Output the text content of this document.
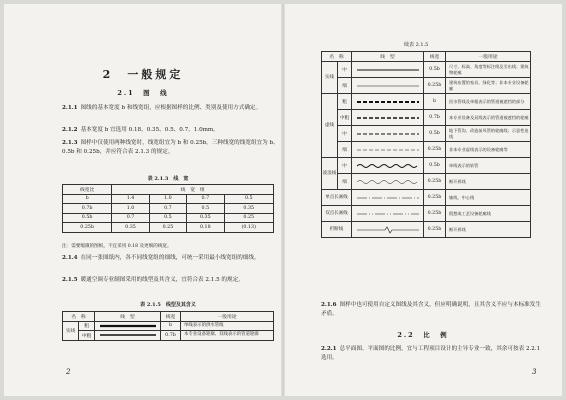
2　一般规定
2.1　图　线
2.1.1 图线的基本宽度 b 和线宽组，应根据图样的比例、类别及使用方式确定。
2.1.2 基本宽度 b 宜选用 0.18、0.35、0.5、0.7、1.0mm。
2.1.3 图样中仅使用两种线宽时，线宽组宜为 b 和 0.25b。三种线宽的线宽组宜为 b、0.5b 和 0.25b，并应符合表 2.1.3 的规定。
表 2.1.3　线　宽
线宽比	线　宽　组			
b	1.4	1.0	0.7	0.5
0.7b	1.0	0.7	0.5	0.35
0.5b	0.7	0.5	0.35	0.25
0.25b	0.35	0.25	0.18	(0.13)
注：需要缩微的图纸，不宜采用 0.18 及更细的线宽。
2.1.4 在同一张图纸内，各不同线宽组的细线，可统一采用最小线宽组的细线。
2.1.5 暖通空调专业制图采用的线型及其含义，宜符合表 2.1.5 的规定。
表 2.1.5　线型及其含义
名　称		线　型	线宽	一般用途
实线	粗		b	单线表示的供水管线
	中粗		0.7b	本专业设备轮廓、双线表示的管道轮廓
2
续表 2.1.5
名　称		线　型	线宽	一般用途
实线	中		0.5b	尺寸、标高、角度等标注线及引出线；建筑物轮廓
	细		0.25b	建筑布置的家具、绿化等；非本专业设备轮廓
虚线	粗		b	回水管线及单根表示的管道被遮挡的部分
	中粗		0.7b	本专业设备及双线表示的管道被遮挡的轮廓
	中		0.5b	地下管沟、改造前风管的轮廓线；示意性连线
	细		0.25b	非本专业虚线表示的设备轮廓等
波浪线	中		0.5b	单线表示的软管
	细		0.25b	断开界线
单点长画线			0.25b	轴线、中心线
双点长画线			0.25b	假想或工艺设备轮廓线
折断线			0.25b	断开界线
2.1.6 图样中也可使用自定义图线及其含义，但应明确说明，且其含义不应与本标准发生矛盾。
2.2　比　例
2.2.1 总平面图、平面图的比例，宜与工程项目设计的主导专业一致，其余可按表 2.2.1 选用。
3
